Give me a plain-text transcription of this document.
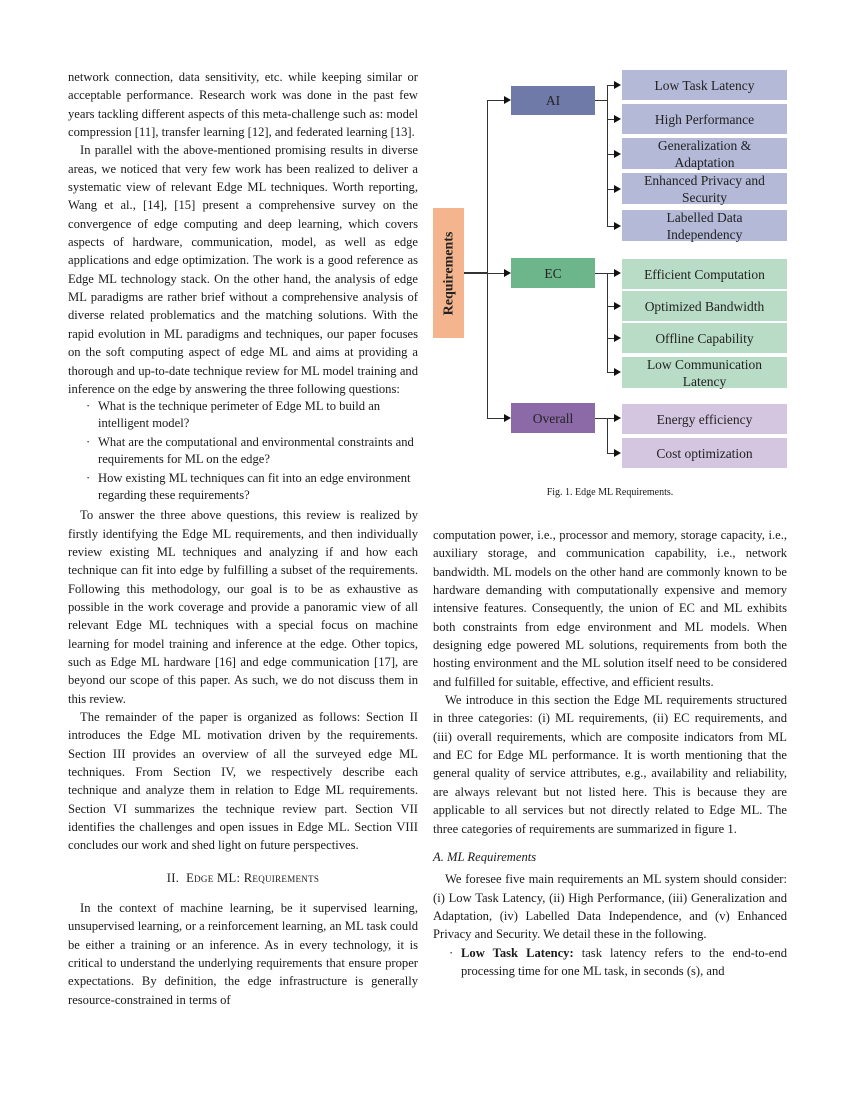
network connection, data sensitivity, etc. while keeping similar or acceptable performance. Research work was done in the past few years tackling different aspects of this meta-challenge such as: model compression [11], transfer learning [12], and federated learning [13].

In parallel with the above-mentioned promising results in diverse areas, we noticed that very few work has been realized to deliver a systematic view of relevant Edge ML techniques. Worth reporting, Wang et al., [14], [15] present a comprehensive survey on the convergence of edge computing and deep learning, which covers aspects of hardware, communication, model, as well as edge applications and edge optimization. The work is a good reference as Edge ML technology stack. On the other hand, the analysis of edge ML paradigms are rather brief without a comprehensive analysis of diverse related problematics and the matching solutions. With the rapid evolution in ML paradigms and techniques, our paper focuses on the soft computing aspect of edge ML and aims at providing a thorough and up-to-date technique review for ML model training and inference on the edge by answering the three following questions:

· What is the technique perimeter of Edge ML to build an intelligent model?
· What are the computational and environmental constraints and requirements for ML on the edge?
· How existing ML techniques can fit into an edge environment regarding these requirements?

To answer the three above questions, this review is realized by firstly identifying the Edge ML requirements, and then individually review existing ML techniques and analyzing if and how each technique can fit into edge by fulfilling a subset of the requirements. Following this methodology, our goal is to be as exhaustive as possible in the work coverage and provide a panoramic view of all relevant Edge ML techniques with a special focus on machine learning for model training and inference at the edge. Other topics, such as Edge ML hardware [16] and edge communication [17], are beyond our scope of this paper. As such, we do not discuss them in this review.

The remainder of the paper is organized as follows: Section II introduces the Edge ML motivation driven by the requirements. Section III provides an overview of all the surveyed edge ML techniques. From Section IV, we respectively describe each technique and analyze them in relation to Edge ML requirements. Section VI summarizes the technique review part. Section VII identifies the challenges and open issues in Edge ML. Section VIII concludes our work and shed light on future perspectives.

II. Edge ML: Requirements

In the context of machine learning, be it supervised learning, unsupervised learning, or a reinforcement learning, an ML task could be either a training or an inference. As in every technology, it is critical to understand the underlying requirements that ensure proper expectations. By definition, the edge infrastructure is generally resource-constrained in terms of

Requirements
AI
EC
Overall
Low Task Latency
High Performance
Generalization & Adaptation
Enhanced Privacy and Security
Labelled Data Independency
Efficient Computation
Optimized Bandwidth
Offline Capability
Low Communication Latency
Energy efficiency
Cost optimization
Fig. 1. Edge ML Requirements.

computation power, i.e., processor and memory, storage capacity, i.e., auxiliary storage, and communication capability, i.e., network bandwidth. ML models on the other hand are commonly known to be hardware demanding with computationally expensive and memory intensive features. Consequently, the union of EC and ML exhibits both constraints from edge environment and ML models. When designing edge powered ML solutions, requirements from both the hosting environment and the ML solution itself need to be considered and fulfilled for suitable, effective, and efficient results.

We introduce in this section the Edge ML requirements structured in three categories: (i) ML requirements, (ii) EC requirements, and (iii) overall requirements, which are composite indicators from ML and EC for Edge ML performance. It is worth mentioning that the general quality of service attributes, e.g., availability and reliability, are always relevant but not listed here. This is because they are applicable to all services but not directly related to Edge ML. The three categories of requirements are summarized in figure 1.

A. ML Requirements

We foresee five main requirements an ML system should consider: (i) Low Task Latency, (ii) High Performance, (iii) Generalization and Adaptation, (iv) Labelled Data Independence, and (v) Enhanced Privacy and Security. We detail these in the following.

· Low Task Latency: task latency refers to the end-to-end processing time for one ML task, in seconds (s), and
